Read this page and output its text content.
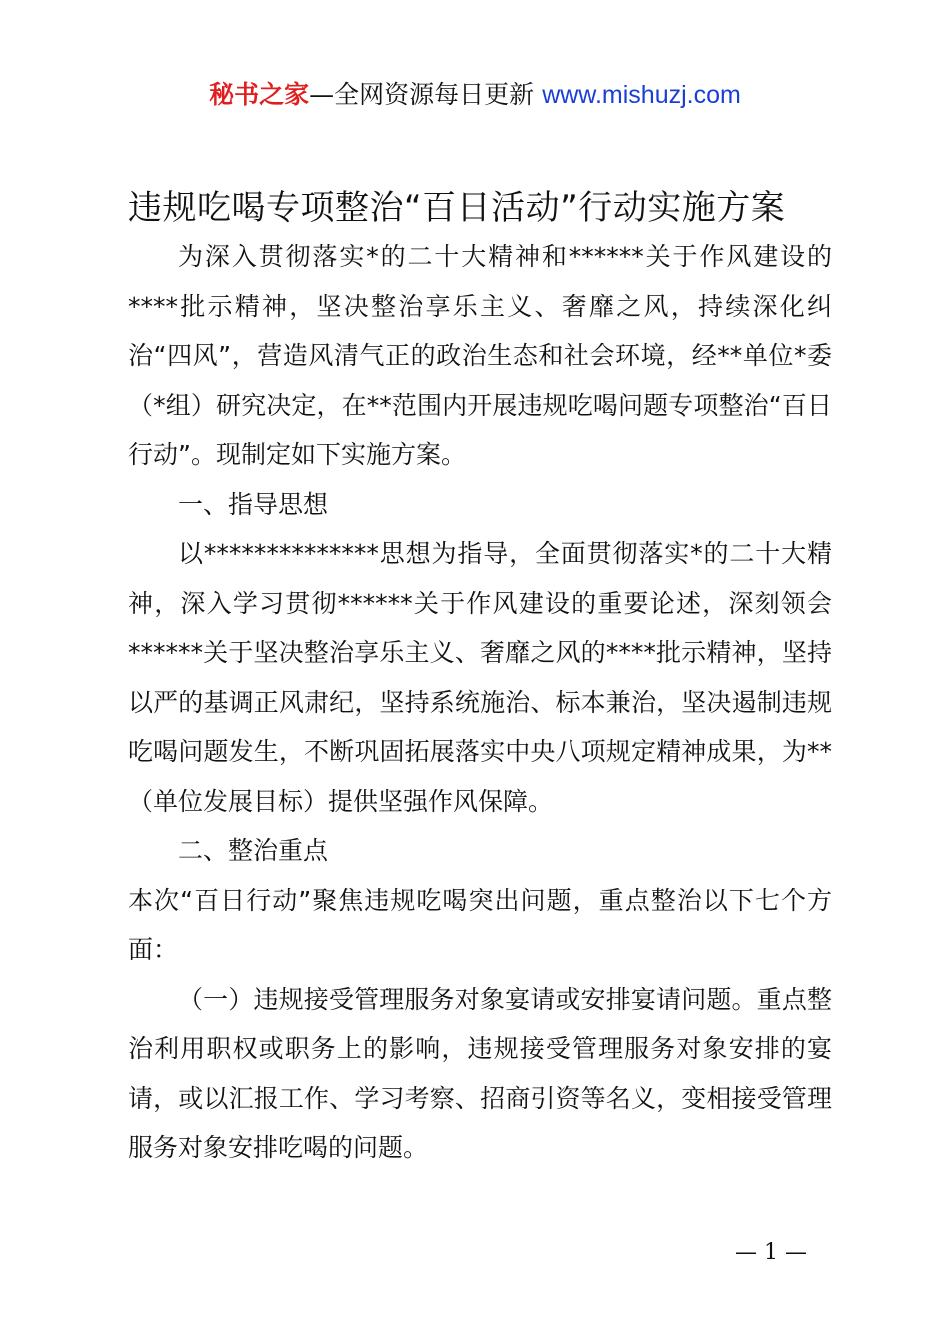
秘书之家—全网资源每日更新 www.mishuzj.com
违规吃喝专项整治“百日活动”行动实施方案

为深入贯彻落实*的二十大精神和******关于作风建设的****批示精神，坚决整治享乐主义、奢靡之风，持续深化纠治“四风”，营造风清气正的政治生态和社会环境，经**单位*委（*组）研究决定，在**范围内开展违规吃喝问题专项整治“百日行动”。现制定如下实施方案。

一、指导思想

以**************思想为指导，全面贯彻落实*的二十大精神，深入学习贯彻******关于作风建设的重要论述，深刻领会******关于坚决整治享乐主义、奢靡之风的****批示精神，坚持以严的基调正风肃纪，坚持系统施治、标本兼治，坚决遏制违规吃喝问题发生，不断巩固拓展落实中央八项规定精神成果，为**（单位发展目标）提供坚强作风保障。

二、整治重点

本次“百日行动”聚焦违规吃喝突出问题，重点整治以下七个方面：

（一）违规接受管理服务对象宴请或安排宴请问题。重点整治利用职权或职务上的影响，违规接受管理服务对象安排的宴请，或以汇报工作、学习考察、招商引资等名义，变相接受管理服务对象安排吃喝的问题。

— 1 —
